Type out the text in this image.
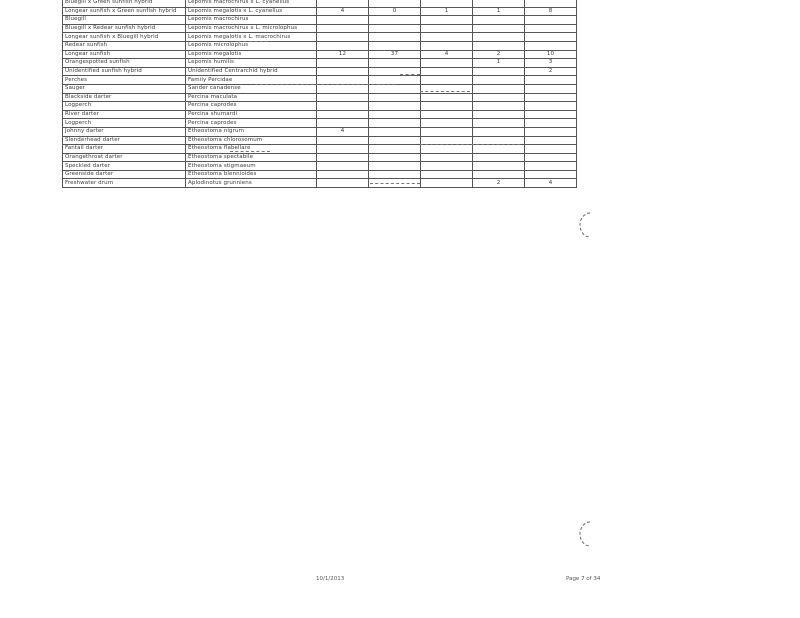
Bluegill x Green sunfish hybrid	Lepomis macrochirus x L. cyanellus					
Longear sunfish x Green sunfish hybrid	Lepomis megalotis x L. cyanellus	4	0	1	1	8
Bluegill	Lepomis macrochirus					
Bluegill x Redear sunfish hybrid	Lepomis macrochirus x L. microlophus					
Longear sunfish x Bluegill hybrid	Lepomis megalotis x L. macrochirus					
Redear sunfish	Lepomis microlophus					
Longear sunfish	Lepomis megalotis	12	37	4	2	10
Orangespotted sunfish	Lepomis humilis				1	3
Unidentified sunfish hybrid	Unidentified Centrarchid hybrid					2
Perches	Family Percidae					
Sauger	Sander canadense					
Blackside darter	Percina maculata					
Logperch	Percina caprodes					
River darter	Percina shumardi					
Logperch	Percina caprodes					
Johnny darter	Etheostoma nigrum	4				
Slenderhead darter	Etheostoma chlorosomum					
Fantail darter	Etheostoma flabellare					
Orangethroat darter	Etheostoma spectabile					
Speckled darter	Etheostoma stigmaeum					
Greenside darter	Etheostoma blennioides					
Freshwater drum	Aplodinotus grunniens				2	4
10/1/2013	Page 7 of 34
